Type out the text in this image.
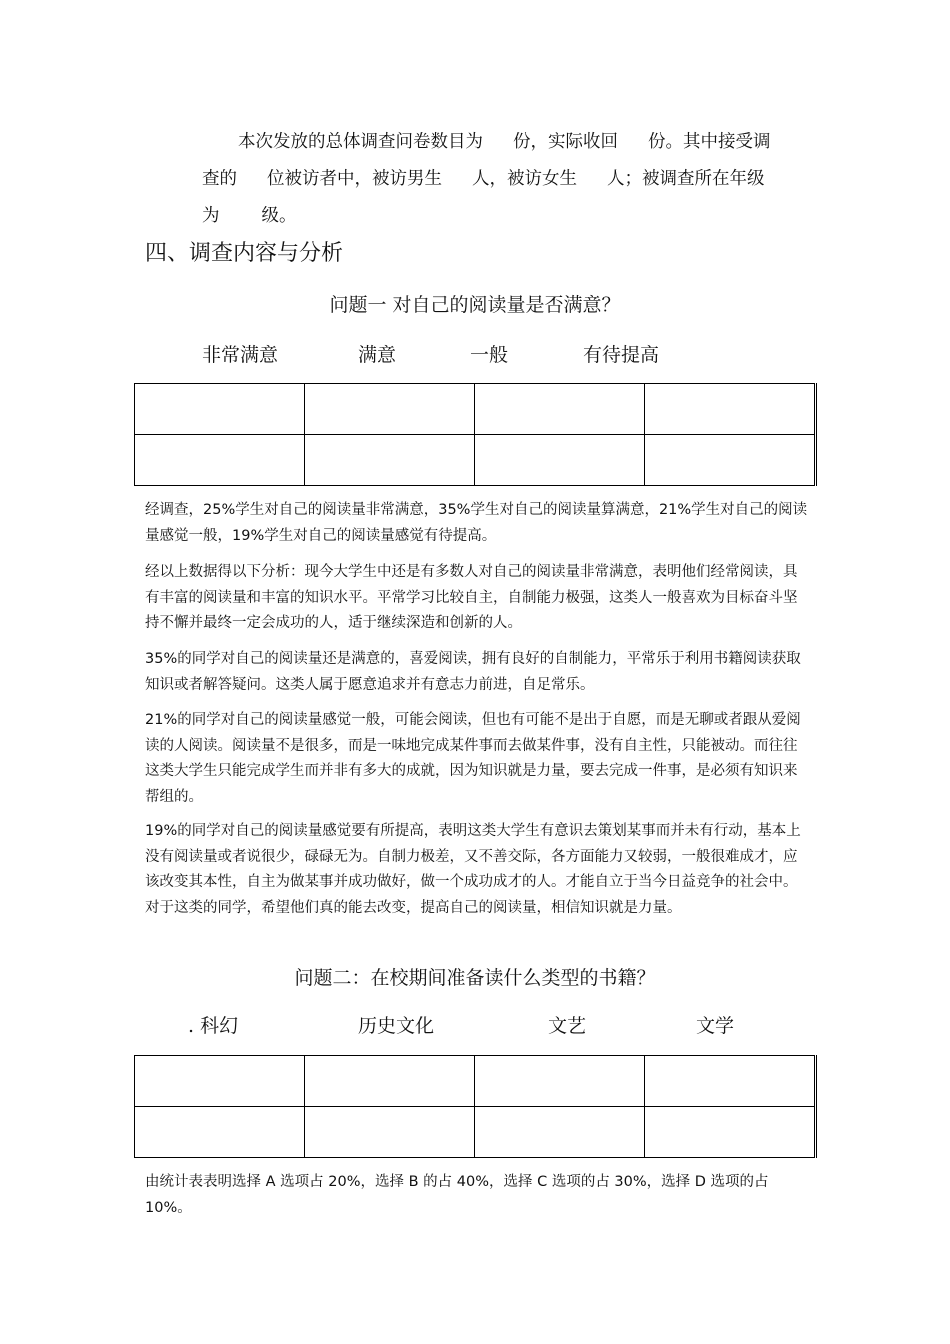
本次发放的总体调查问卷数目为 份，实际收回 份。其中接受调
查的 位被访者中，被访男生 人，被访女生 人；被调查所在年级
为 级。
四、调查内容与分析
问题一 对自己的阅读量是否满意？
非常满意	满意	一般	有待提高

经调查，25%学生对自己的阅读量非常满意，35%学生对自己的阅读量算满意，21%学生对自己的阅读量感觉一般，19%学生对自己的阅读量感觉有待提高。

经以上数据得以下分析：现今大学生中还是有多数人对自己的阅读量非常满意，表明他们经常阅读，具有丰富的阅读量和丰富的知识水平。平常学习比较自主，自制能力极强，这类人一般喜欢为目标奋斗坚持不懈并最终一定会成功的人，适于继续深造和创新的人。

35%的同学对自己的阅读量还是满意的，喜爱阅读，拥有良好的自制能力，平常乐于利用书籍阅读获取知识或者解答疑问。这类人属于愿意追求并有意志力前进，自足常乐。

21%的同学对自己的阅读量感觉一般，可能会阅读，但也有可能不是出于自愿，而是无聊或者跟从爱阅读的人阅读。阅读量不是很多，而是一味地完成某件事而去做某件事，没有自主性，只能被动。而往往这类大学生只能完成学生而并非有多大的成就，因为知识就是力量，要去完成一件事，是必须有知识来帮组的。

19%的同学对自己的阅读量感觉要有所提高，表明这类大学生有意识去策划某事而并未有行动，基本上没有阅读量或者说很少，碌碌无为。自制力极差，又不善交际，各方面能力又较弱，一般很难成才，应该改变其本性，自主为做某事并成功做好，做一个成功成才的人。才能自立于当今日益竞争的社会中。对于这类的同学，希望他们真的能去改变，提高自己的阅读量，相信知识就是力量。

问题二：在校期间准备读什么类型的书籍？
. 科幻	历史文化	文艺	文学

由统计表表明选择 A 选项占 20%，选择 B 的占 40%，选择 C 选项的占 30%，选择 D 选项的占 10%。
